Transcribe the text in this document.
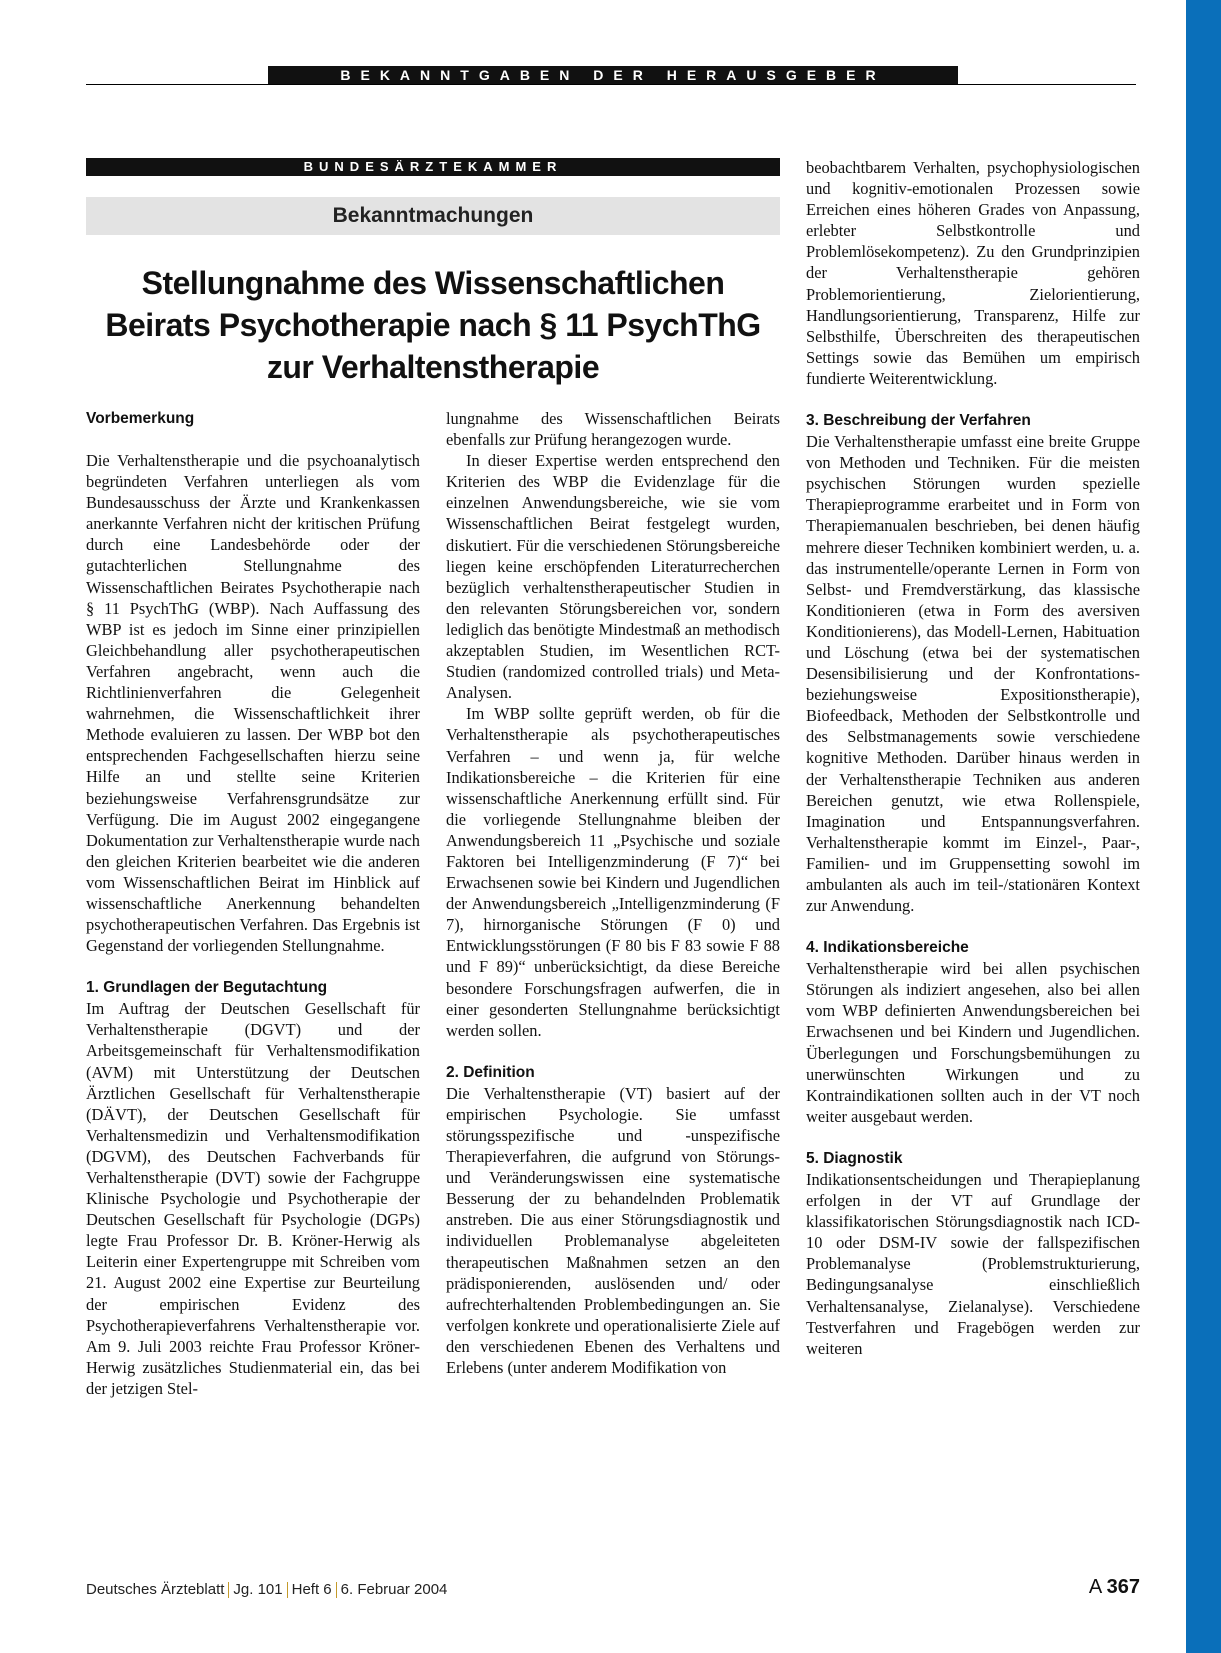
BEKANNTGABEN DER HERAUSGEBER
BUNDESÄRZTEKAMMER
Bekanntmachungen
Stellungnahme des Wissenschaftlichen
Beirats Psychotherapie nach § 11 PsychThG
zur Verhaltenstherapie
Vorbemerkung

Die Verhaltenstherapie und die psychoanalytisch begründeten Verfahren unterliegen als vom Bundesausschuss der Ärzte und Krankenkassen anerkannte Verfahren nicht der kritischen Prüfung durch eine Landesbehörde oder der gutachterlichen Stellungnahme des Wissenschaftlichen Beirates Psychotherapie nach § 11 PsychThG (WBP). Nach Auffassung des WBP ist es jedoch im Sinne einer prinzipiellen Gleichbehandlung aller psychotherapeutischen Verfahren angebracht, wenn auch die Richtlinienverfahren die Gelegenheit wahrnehmen, die Wissenschaftlichkeit ihrer Methode evaluieren zu lassen. Der WBP bot den entsprechenden Fachgesellschaften hierzu seine Hilfe an und stellte seine Kriterien beziehungsweise Verfahrensgrundsätze zur Verfügung. Die im August 2002 eingegangene Dokumentation zur Verhaltenstherapie wurde nach den gleichen Kriterien bearbeitet wie die anderen vom Wissenschaftlichen Beirat im Hinblick auf wissenschaftliche Anerkennung behandelten psychotherapeutischen Verfahren. Das Ergebnis ist Gegenstand der vorliegenden Stellungnahme.

1. Grundlagen der Begutachtung

Im Auftrag der Deutschen Gesellschaft für Verhaltenstherapie (DGVT) und der Arbeitsgemeinschaft für Verhaltensmodifikation (AVM) mit Unterstützung der Deutschen Ärztlichen Gesellschaft für Verhaltenstherapie (DÄVT), der Deutschen Gesellschaft für Verhaltensmedizin und Verhaltensmodifikation (DGVM), des Deutschen Fachverbands für Verhaltenstherapie (DVT) sowie der Fachgruppe Klinische Psychologie und Psychotherapie der Deutschen Gesellschaft für Psychologie (DGPs) legte Frau Professor Dr. B. Kröner-Herwig als Leiterin einer Expertengruppe mit Schreiben vom 21. August 2002 eine Expertise zur Beurteilung der empirischen Evidenz des Psychotherapieverfahrens Verhaltenstherapie vor. Am 9. Juli 2003 reichte Frau Professor Kröner-Herwig zusätzliches Studienmaterial ein, das bei der jetzigen Stel-

lungnahme des Wissenschaftlichen Beirats ebenfalls zur Prüfung herangezogen wurde.

In dieser Expertise werden entsprechend den Kriterien des WBP die Evidenzlage für die einzelnen Anwendungsbereiche, wie sie vom Wissenschaftlichen Beirat festgelegt wurden, diskutiert. Für die verschiedenen Störungsbereiche liegen keine erschöpfenden Literaturrecherchen bezüglich verhaltenstherapeutischer Studien in den relevanten Störungsbereichen vor, sondern lediglich das benötigte Mindestmaß an methodisch akzeptablen Studien, im Wesentlichen RCT-Studien (randomized controlled trials) und Meta-Analysen.

Im WBP sollte geprüft werden, ob für die Verhaltenstherapie als psychotherapeutisches Verfahren – und wenn ja, für welche Indikationsbereiche – die Kriterien für eine wissenschaftliche Anerkennung erfüllt sind. Für die vorliegende Stellungnahme bleiben der Anwendungsbereich 11 „Psychische und soziale Faktoren bei Intelligenzminderung (F 7)“ bei Erwachsenen sowie bei Kindern und Jugendlichen der Anwendungsbereich „Intelligenzminderung (F 7), hirnorganische Störungen (F 0) und Entwicklungsstörungen (F 80 bis F 83 sowie F 88 und F 89)“ unberücksichtigt, da diese Bereiche besondere Forschungsfragen aufwerfen, die in einer gesonderten Stellungnahme berücksichtigt werden sollen.

2. Definition

Die Verhaltenstherapie (VT) basiert auf der empirischen Psychologie. Sie umfasst störungsspezifische und -unspezifische Therapieverfahren, die aufgrund von Störungs- und Veränderungswissen eine systematische Besserung der zu behandelnden Problematik anstreben. Die aus einer Störungsdiagnostik und individuellen Problemanalyse abgeleiteten therapeutischen Maßnahmen setzen an den prädisponierenden, auslösenden und/ oder aufrechterhaltenden Problembedingungen an. Sie verfolgen konkrete und operationalisierte Ziele auf den verschiedenen Ebenen des Verhaltens und Erlebens (unter anderem Modifikation von

beobachtbarem Verhalten, psychophysiologischen und kognitiv-emotionalen Prozessen sowie Erreichen eines höheren Grades von Anpassung, erlebter Selbstkontrolle und Problemlösekompetenz). Zu den Grundprinzipien der Verhaltenstherapie gehören Problemorientierung, Zielorientierung, Handlungsorientierung, Transparenz, Hilfe zur Selbsthilfe, Überschreiten des therapeutischen Settings sowie das Bemühen um empirisch fundierte Weiterentwicklung.

3. Beschreibung der Verfahren

Die Verhaltenstherapie umfasst eine breite Gruppe von Methoden und Techniken. Für die meisten psychischen Störungen wurden spezielle Therapieprogramme erarbeitet und in Form von Therapiemanualen beschrieben, bei denen häufig mehrere dieser Techniken kombiniert werden, u. a. das instrumentelle/operante Lernen in Form von Selbst- und Fremdverstärkung, das klassische Konditionieren (etwa in Form des aversiven Konditionierens), das Modell-Lernen, Habituation und Löschung (etwa bei der systematischen Desensibilisierung und der Konfrontations- beziehungsweise Expositionstherapie), Biofeedback, Methoden der Selbstkontrolle und des Selbstmanagements sowie verschiedene kognitive Methoden. Darüber hinaus werden in der Verhaltenstherapie Techniken aus anderen Bereichen genutzt, wie etwa Rollenspiele, Imagination und Entspannungsverfahren. Verhaltenstherapie kommt im Einzel-, Paar-, Familien- und im Gruppensetting sowohl im ambulanten als auch im teil-/stationären Kontext zur Anwendung.

4. Indikationsbereiche

Verhaltenstherapie wird bei allen psychischen Störungen als indiziert angesehen, also bei allen vom WBP definierten Anwendungsbereichen bei Erwachsenen und bei Kindern und Jugendlichen. Überlegungen und Forschungsbemühungen zu unerwünschten Wirkungen und zu Kontraindikationen sollten auch in der VT noch weiter ausgebaut werden.

5. Diagnostik

Indikationsentscheidungen und Therapieplanung erfolgen in der VT auf Grundlage der klassifikatorischen Störungsdiagnostik nach ICD-10 oder DSM-IV sowie der fallspezifischen Problemanalyse (Problemstrukturierung, Bedingungsanalyse einschließlich Verhaltensanalyse, Zielanalyse). Verschiedene Testverfahren und Fragebögen werden zur weiteren

Deutsches Ärzteblatt Jg. 101 Heft 6 6. Februar 2004	A 367
